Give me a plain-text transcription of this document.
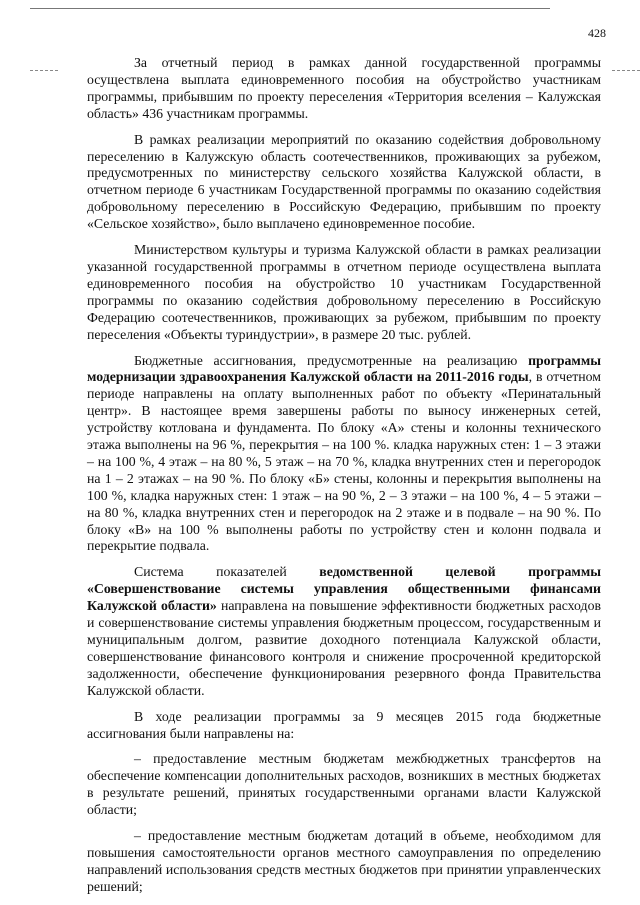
428

За отчетный период в рамках данной государственной программы осуществлена выплата единовременного пособия на обустройство участникам программы, прибывшим по проекту переселения «Территория вселения – Калужская область» 436 участникам программы.

В рамках реализации мероприятий по оказанию содействия добровольному переселению в Калужскую область соотечественников, проживающих за рубежом, предусмотренных по министерству сельского хозяйства Калужской области, в отчетном периоде 6 участникам Государственной программы по оказанию содействия добровольному переселению в Российскую Федерацию, прибывшим по проекту «Сельское хозяйство», было выплачено единовременное пособие.

Министерством культуры и туризма Калужской области в рамках реализации указанной государственной программы в отчетном периоде осуществлена выплата единовременного пособия на обустройство 10 участникам Государственной программы по оказанию содействия добровольному переселению в Российскую Федерацию соотечественников, проживающих за рубежом, прибывшим по проекту переселения «Объекты туриндустрии», в размере 20 тыс. рублей.

Бюджетные ассигнования, предусмотренные на реализацию программы модернизации здравоохранения Калужской области на 2011-2016 годы, в отчетном периоде направлены на оплату выполненных работ по объекту «Перинатальный центр». В настоящее время завершены работы по выносу инженерных сетей, устройству котлована и фундамента. По блоку «А» стены и колонны технического этажа выполнены на 96 %, перекрытия – на 100 %. кладка наружных стен: 1 – 3 этажи – на 100 %, 4 этаж – на 80 %, 5 этаж – на 70 %, кладка внутренних стен и перегородок на 1 – 2 этажах – на 90 %. По блоку «Б» стены, колонны и перекрытия выполнены на 100 %, кладка наружных стен: 1 этаж – на 90 %, 2 – 3 этажи – на 100 %, 4 – 5 этажи – на 80 %, кладка внутренних стен и перегородок на 2 этаже и в подвале – на 90 %. По блоку «В» на 100 % выполнены работы по устройству стен и колонн подвала и перекрытие подвала.

Система показателей ведомственной целевой программы «Совершенствование системы управления общественными финансами Калужской области» направлена на повышение эффективности бюджетных расходов и совершенствование системы управления бюджетным процессом, государственным и муниципальным долгом, развитие доходного потенциала Калужской области, совершенствование финансового контроля и снижение просроченной кредиторской задолженности, обеспечение функционирования резервного фонда Правительства Калужской области.

В ходе реализации программы за 9 месяцев 2015 года бюджетные ассигнования были направлены на:

– предоставление местным бюджетам межбюджетных трансфертов на обеспечение компенсации дополнительных расходов, возникших в местных бюджетах в результате решений, принятых государственными органами власти Калужской области;

– предоставление местным бюджетам дотаций в объеме, необходимом для повышения самостоятельности органов местного самоуправления по определению направлений использования средств местных бюджетов при принятии управленческих решений;
